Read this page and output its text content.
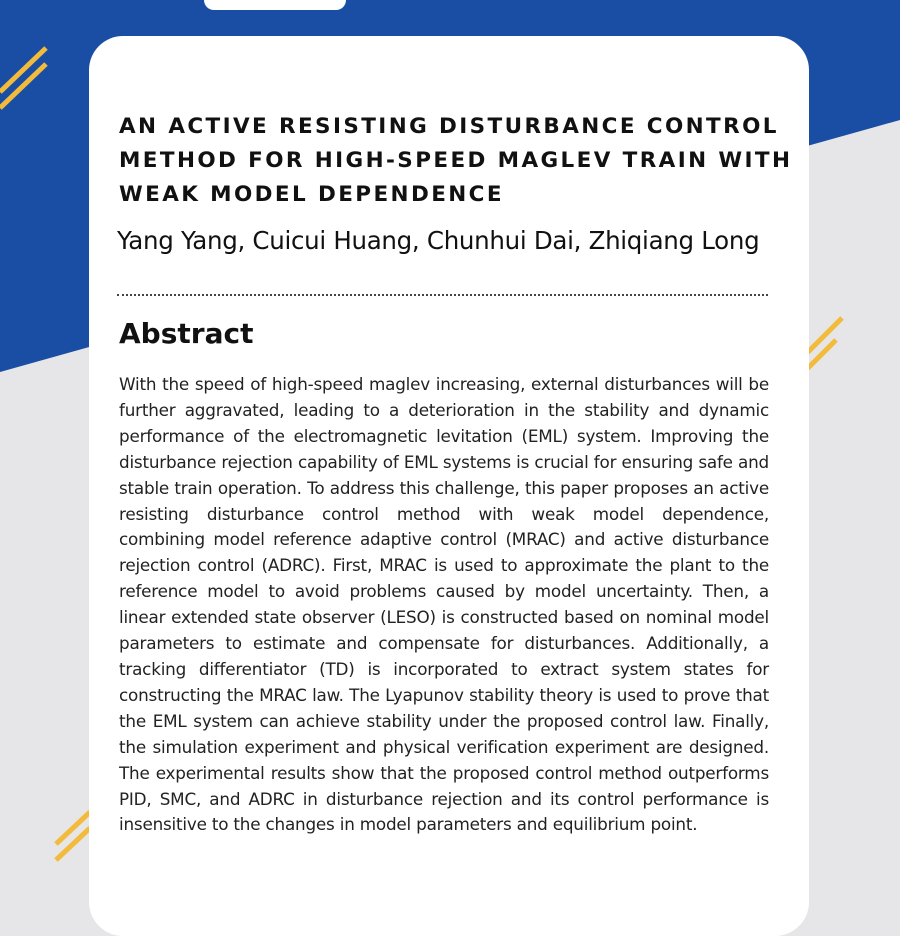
AN ACTIVE RESISTING DISTURBANCE CONTROL METHOD FOR HIGH-SPEED MAGLEV TRAIN WITH WEAK MODEL DEPENDENCE

Yang Yang, Cuicui Huang, Chunhui Dai, Zhiqiang Long

Abstract

With the speed of high-speed maglev increasing, external disturbances will be further aggravated, leading to a deterioration in the stability and dynamic performance of the electromagnetic levitation (EML) system. Improving the disturbance rejection capability of EML systems is crucial for ensuring safe and stable train operation. To address this challenge, this paper proposes an active resisting disturbance control method with weak model dependence, combining model reference adaptive control (MRAC) and active disturbance rejection control (ADRC). First, MRAC is used to approximate the plant to the reference model to avoid problems caused by model uncertainty. Then, a linear extended state observer (LESO) is constructed based on nominal model parameters to estimate and compensate for disturbances. Additionally, a tracking differentiator (TD) is incorporated to extract system states for constructing the MRAC law. The Lyapunov stability theory is used to prove that the EML system can achieve stability under the proposed control law. Finally, the simulation experiment and physical verification experiment are designed. The experimental results show that the proposed control method outperforms PID, SMC, and ADRC in disturbance rejection and its control performance is insensitive to the changes in model parameters and equilibrium point.
